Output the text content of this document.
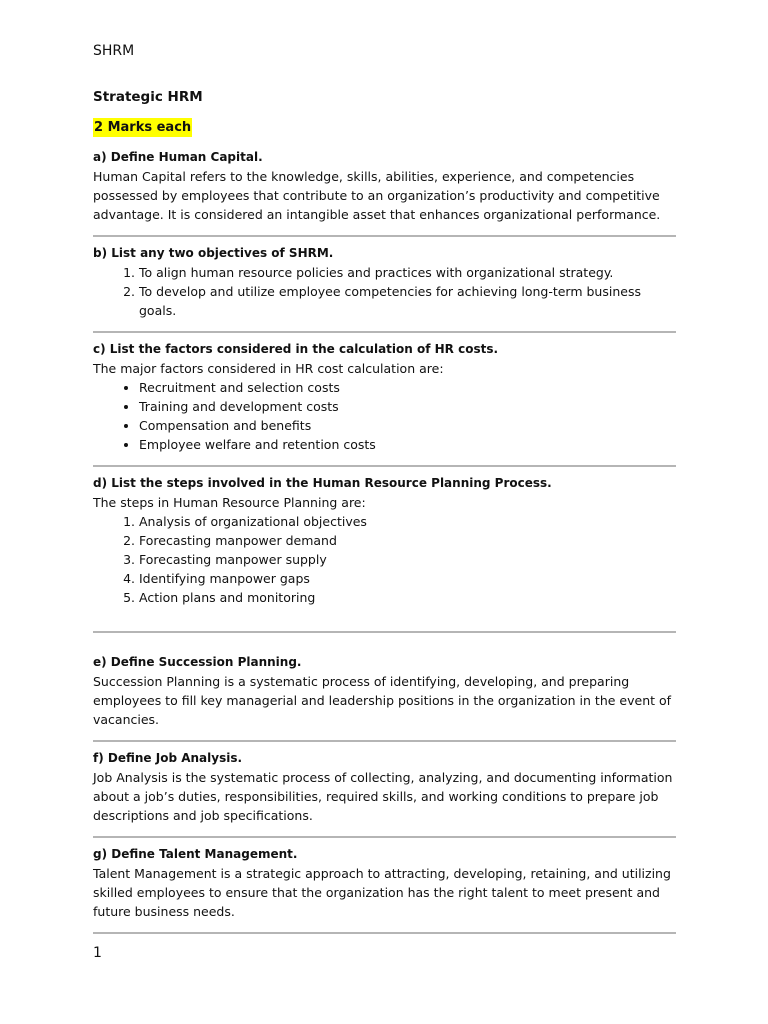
SHRM
Strategic HRM
2 Marks each
a) Define Human Capital.

Human Capital refers to the knowledge, skills, abilities, experience, and competencies possessed by employees that contribute to an organization’s productivity and competitive advantage. It is considered an intangible asset that enhances organizational performance.

b) List any two objectives of SHRM.
1. To align human resource policies and practices with organizational strategy.
2. To develop and utilize employee competencies for achieving long-term business goals.
c) List the factors considered in the calculation of HR costs.

The major factors considered in HR cost calculation are:

• Recruitment and selection costs
• Training and development costs
• Compensation and benefits
• Employee welfare and retention costs
d) List the steps involved in the Human Resource Planning Process.

The steps in Human Resource Planning are:

1. Analysis of organizational objectives
2. Forecasting manpower demand
3. Forecasting manpower supply
4. Identifying manpower gaps
5. Action plans and monitoring
e) Define Succession Planning.

Succession Planning is a systematic process of identifying, developing, and preparing employees to fill key managerial and leadership positions in the organization in the event of vacancies.

f) Define Job Analysis.

Job Analysis is the systematic process of collecting, analyzing, and documenting information about a job’s duties, responsibilities, required skills, and working conditions to prepare job descriptions and job specifications.

g) Define Talent Management.

Talent Management is a strategic approach to attracting, developing, retaining, and utilizing skilled employees to ensure that the organization has the right talent to meet present and future business needs.

1
